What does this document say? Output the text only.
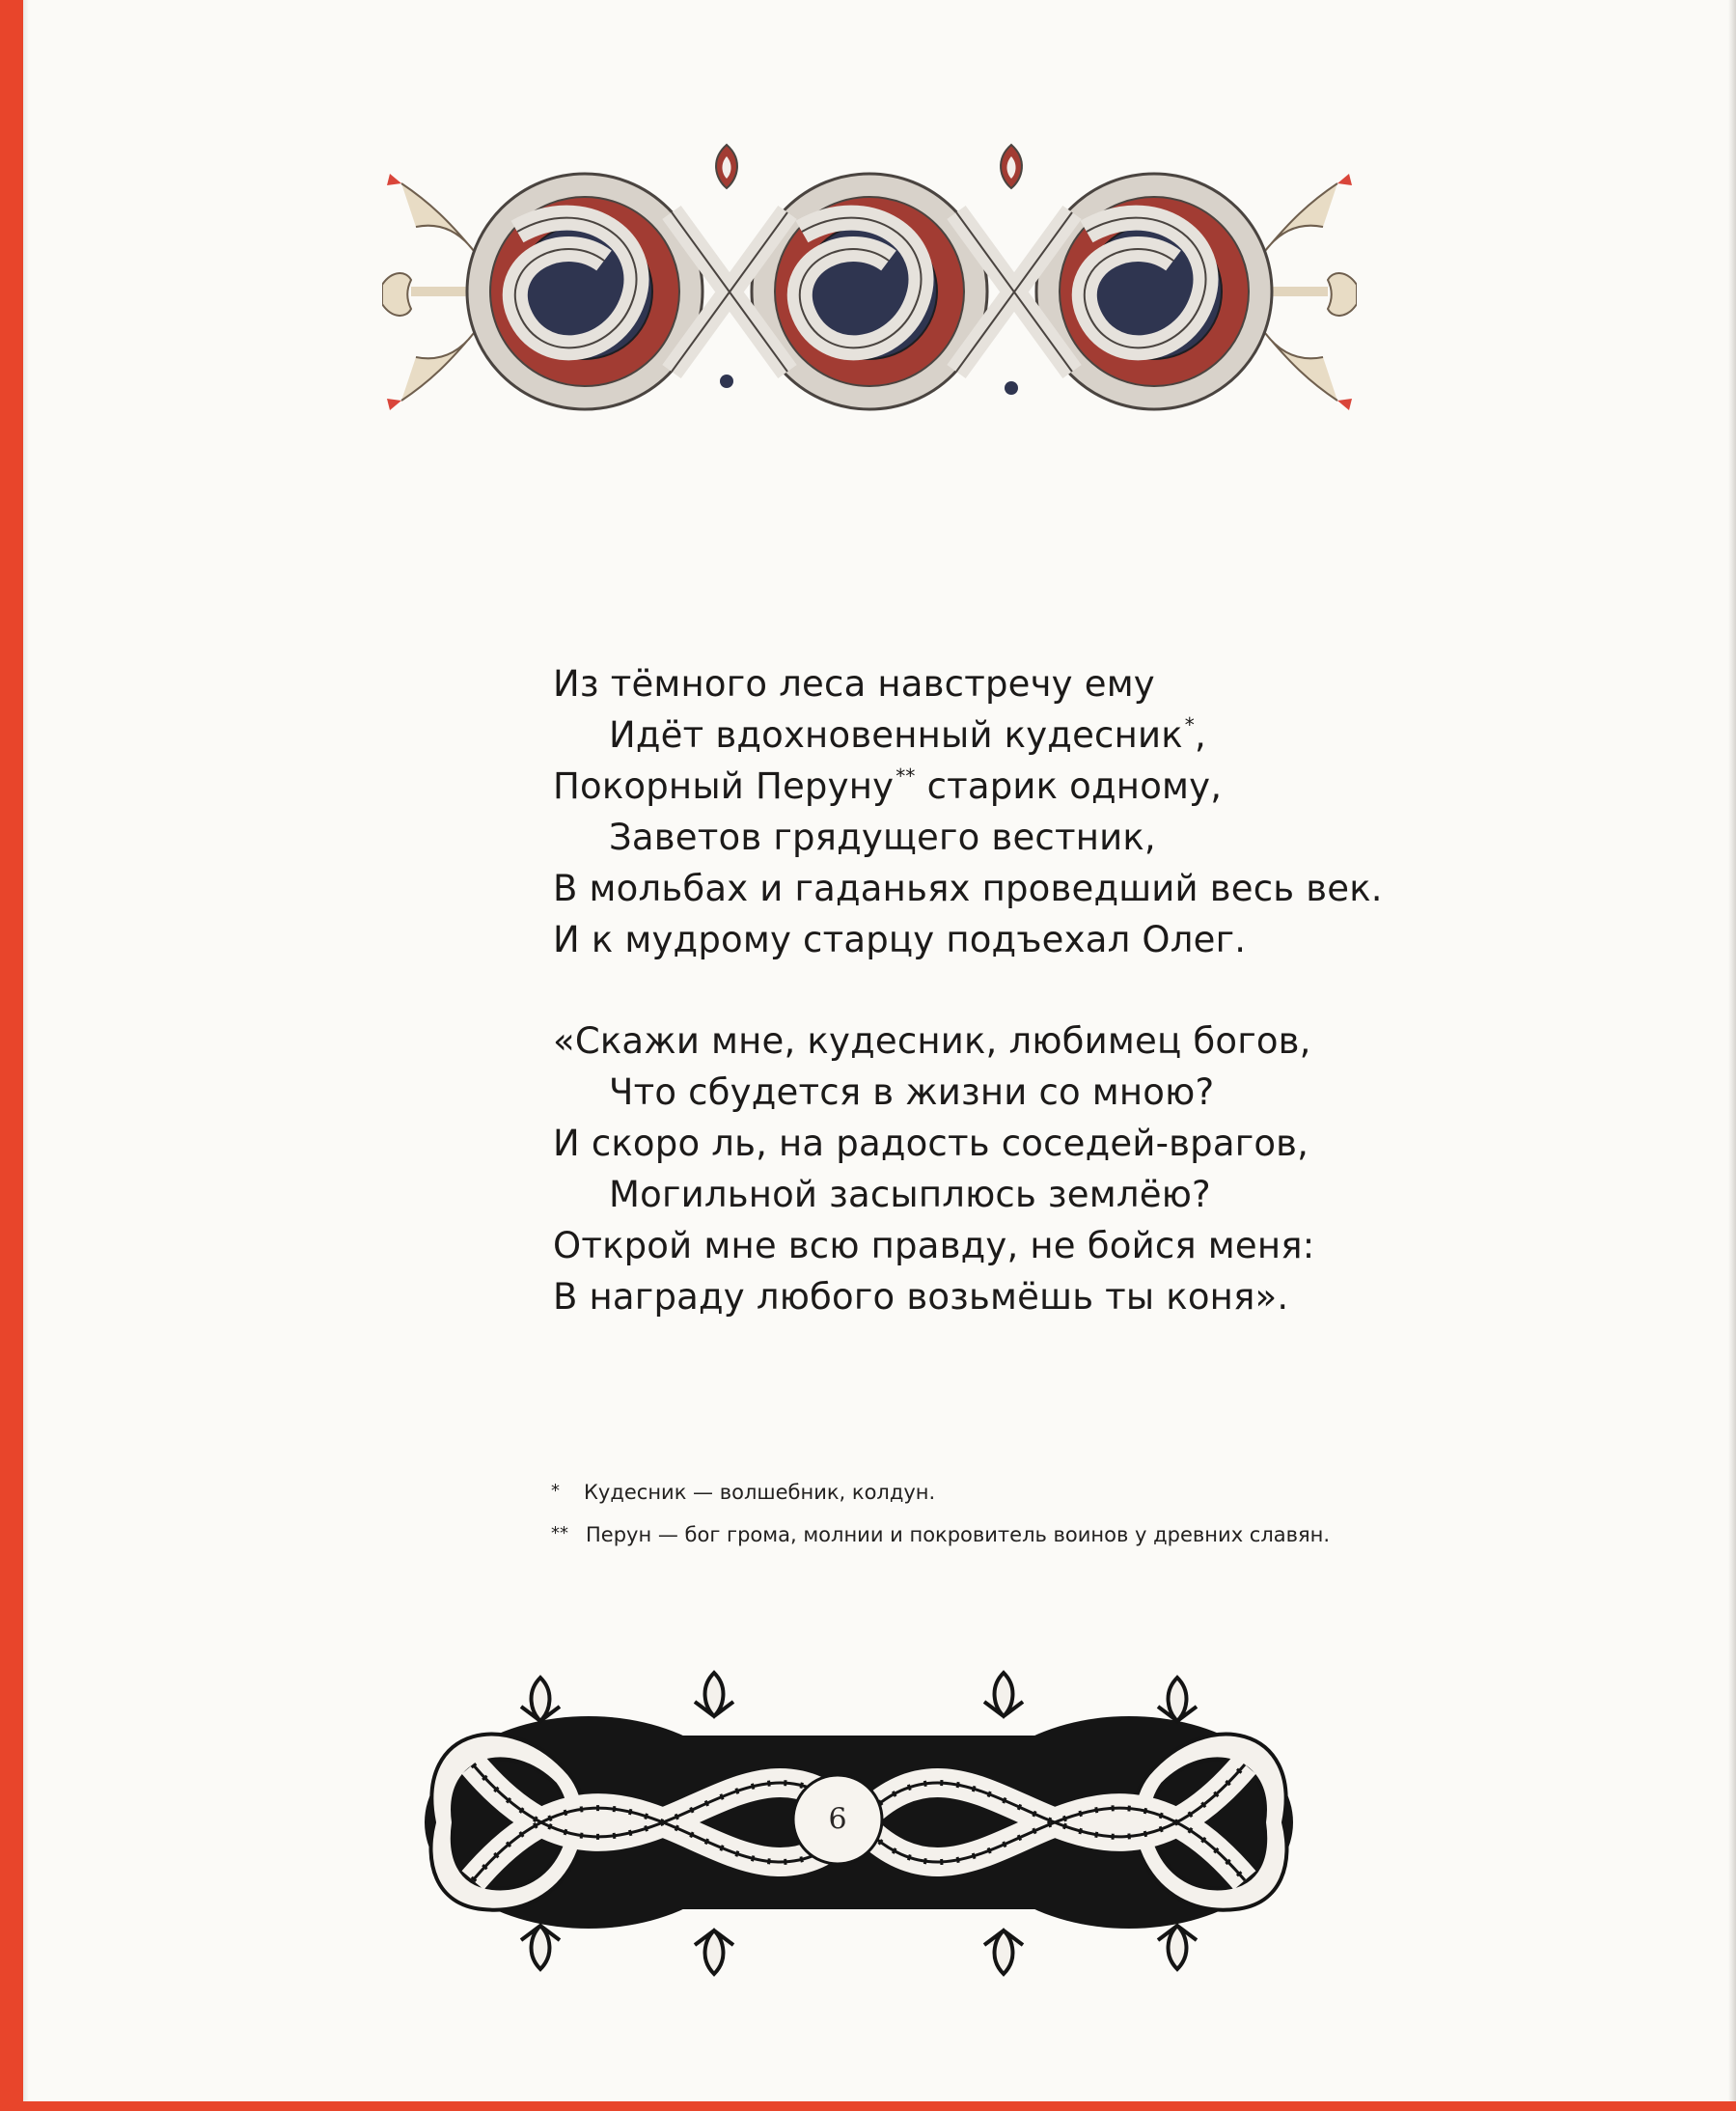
Из тёмного леса навстречу ему
Идёт вдохновенный кудесник *,
Покорный Перуну ** старик одному,
Заветов грядущего вестник,
В мольбах и гаданьях проведший весь век.
И к мудрому старцу подъехал Олег.
«Скажи мне, кудесник, любимец богов,
Что сбудется в жизни со мною?
И скоро ль, на радость соседей-врагов,
Могильной засыплюсь землёю?
Открой мне всю правду, не бойся меня:
В награду любого возьмёшь ты коня».
* Кудесник — волшебник, колдун.
** Перун — бог грома, молнии и покровитель воинов у древних славян.
6
